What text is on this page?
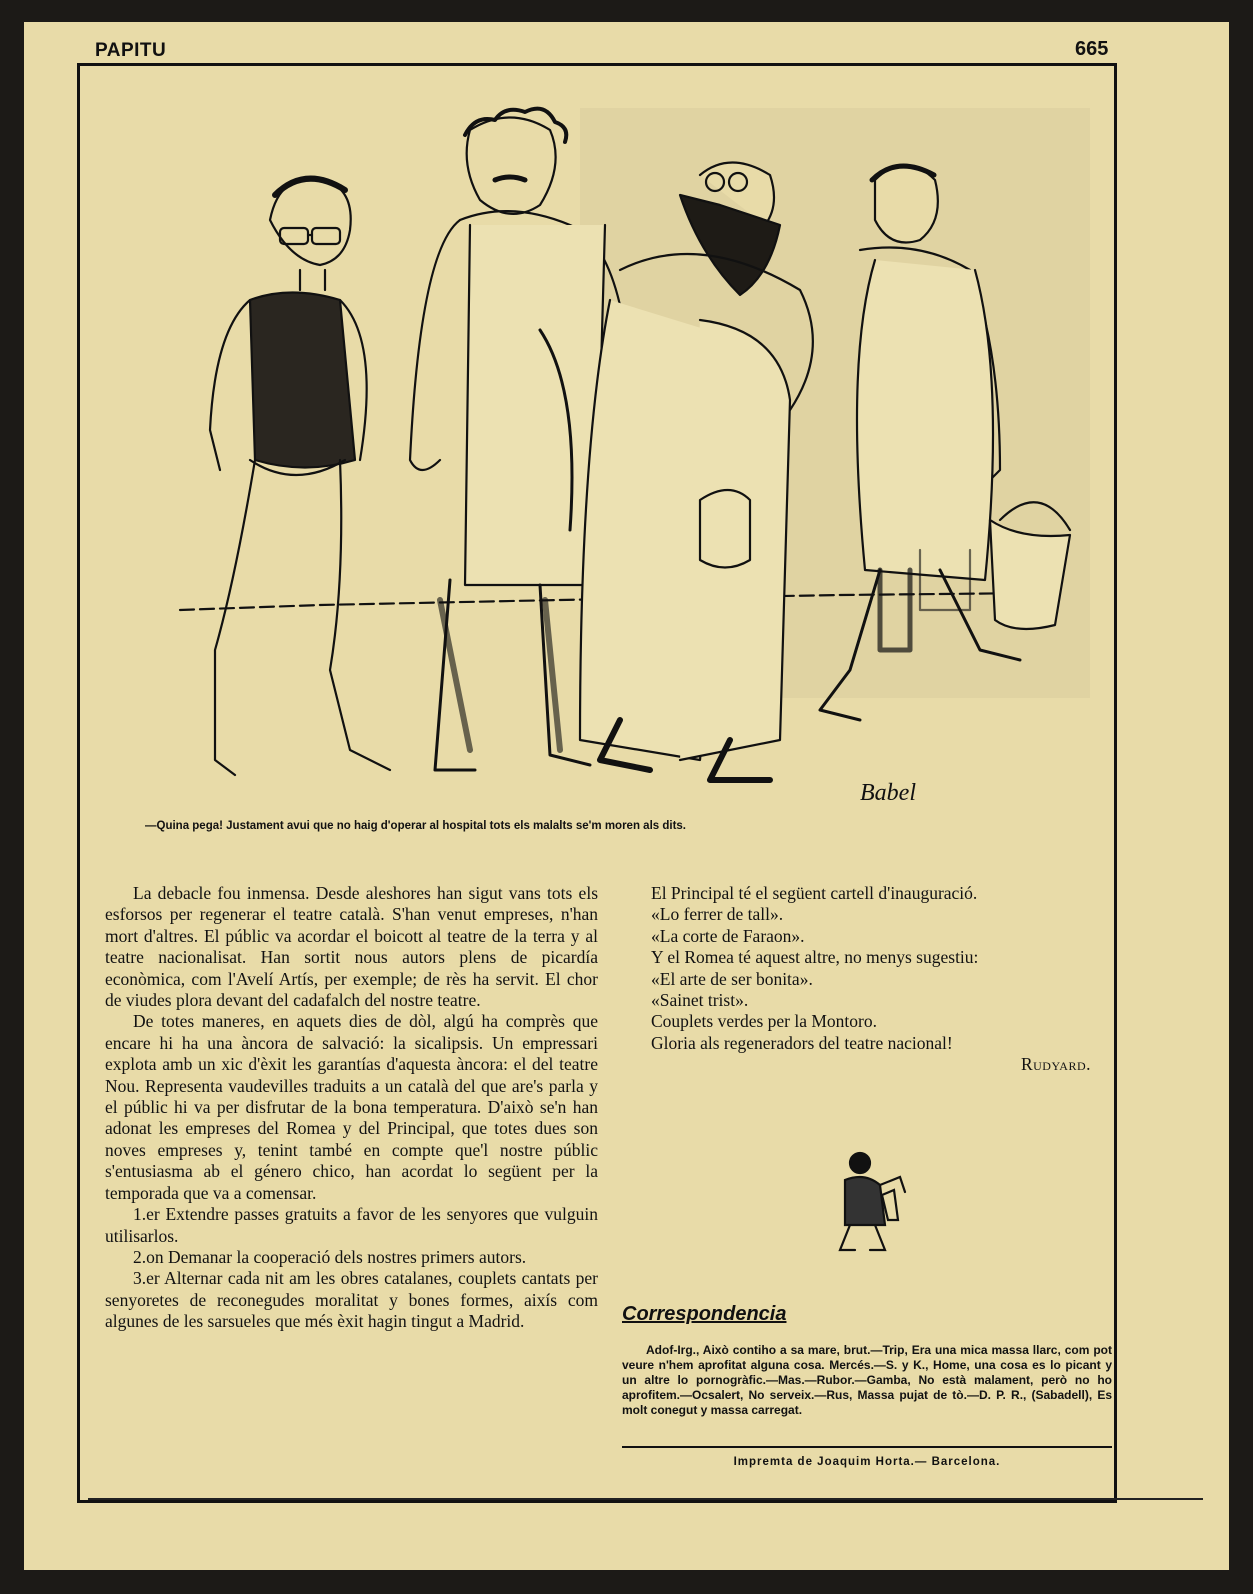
PAPITU	665
Babel
—Quina pega! Justament avui que no haig d'operar al hospital tots els malalts se'm moren als dits.

La debacle fou inmensa. Desde aleshores han sigut vans tots els esforsos per regenerar el teatre català. S'han venut empreses, n'han mort d'altres. El públic va acordar el boicott al teatre de la terra y al teatre nacionalisat. Han sortit nous autors plens de picardía econòmica, com l'Avelí Artís, per exemple; de rès ha servit. El chor de viudes plora devant del cadafalch del nostre teatre.

De totes maneres, en aquets dies de dòl, algú ha comprès que encare hi ha una àncora de salvació: la sicalipsis. Un empressari explota amb un xic d'èxit les garantías d'aquesta àncora: el del teatre Nou. Representa vaudevilles traduits a un català del que are's parla y el públic hi va per disfrutar de la bona temperatura. D'això se'n han adonat les empreses del Romea y del Principal, que totes dues son noves empreses y, tenint també en compte que'l nostre públic s'entusiasma ab el género chico, han acordat lo següent per la temporada que va a comensar.

1.er Extendre passes gratuits a favor de les senyores que vulguin utilisarlos.

2.on Demanar la cooperació dels nostres primers autors.

3.er Alternar cada nit am les obres catalanes, couplets cantats per senyoretes de reconegudes moralitat y bones formes, aixís com algunes de les sarsueles que més èxit hagin tingut a Madrid.

El Principal té el següent cartell d'inauguració.

«Lo ferrer de tall».

«La corte de Faraon».

Y el Romea té aquest altre, no menys sugestiu:

«El arte de ser bonita».

«Sainet trist».

Couplets verdes per la Montoro.

Gloria als regeneradors del teatre nacional!

Rudyard.

Correspondencia

Adof-Irg., Això contiho a sa mare, brut.—Trip, Era una mica massa llarc, com pot veure n'hem aprofitat alguna cosa. Mercés.—S. y K., Home, una cosa es lo picant y un altre lo pornogràfic.—Mas.—Rubor.—Gamba, No està malament, però no ho aprofitem.—Ocsalert, No serveix.—Rus, Massa pujat de tò.—D. P. R., (Sabadell), Es molt conegut y massa carregat.

Impremta de Joaquim Horta.— Barcelona.
